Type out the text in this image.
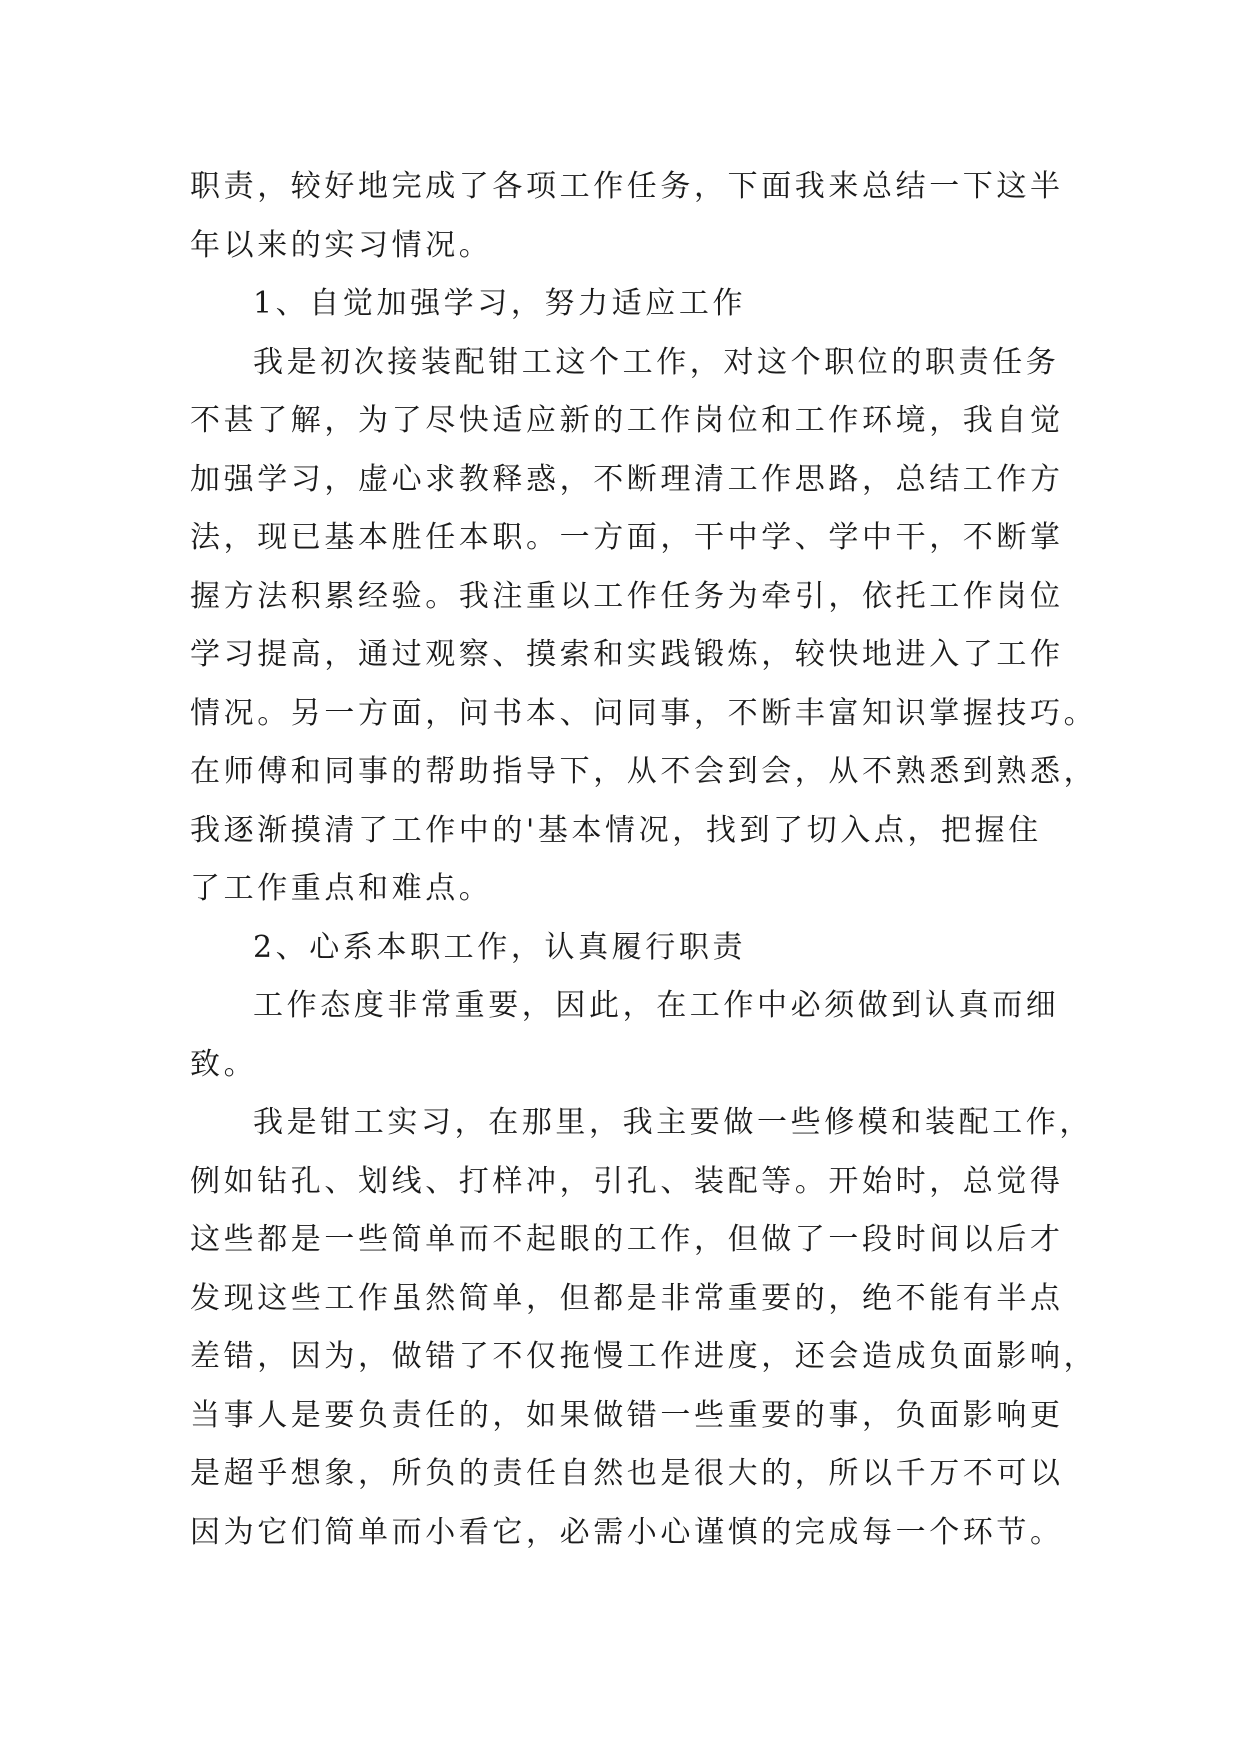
职责，较好地完成了各项工作任务，下面我来总结一下这半
年以来的实习情况。
1、自觉加强学习，努力适应工作
我是初次接装配钳工这个工作，对这个职位的职责任务
不甚了解，为了尽快适应新的工作岗位和工作环境，我自觉
加强学习，虚心求教释惑，不断理清工作思路，总结工作方
法，现已基本胜任本职。一方面，干中学、学中干，不断掌
握方法积累经验。我注重以工作任务为牵引，依托工作岗位
学习提高，通过观察、摸索和实践锻炼，较快地进入了工作
情况。另一方面，问书本、问同事，不断丰富知识掌握技巧。
在师傅和同事的帮助指导下，从不会到会，从不熟悉到熟悉，
我逐渐摸清了工作中的'基本情况，找到了切入点，把握住
了工作重点和难点。
2、心系本职工作，认真履行职责
工作态度非常重要，因此，在工作中必须做到认真而细
致。
我是钳工实习，在那里，我主要做一些修模和装配工作，
例如钻孔、划线、打样冲，引孔、装配等。开始时，总觉得
这些都是一些简单而不起眼的工作，但做了一段时间以后才
发现这些工作虽然简单，但都是非常重要的，绝不能有半点
差错，因为，做错了不仅拖慢工作进度，还会造成负面影响，
当事人是要负责任的，如果做错一些重要的事，负面影响更
是超乎想象，所负的责任自然也是很大的，所以千万不可以
因为它们简单而小看它，必需小心谨慎的完成每一个环节。
